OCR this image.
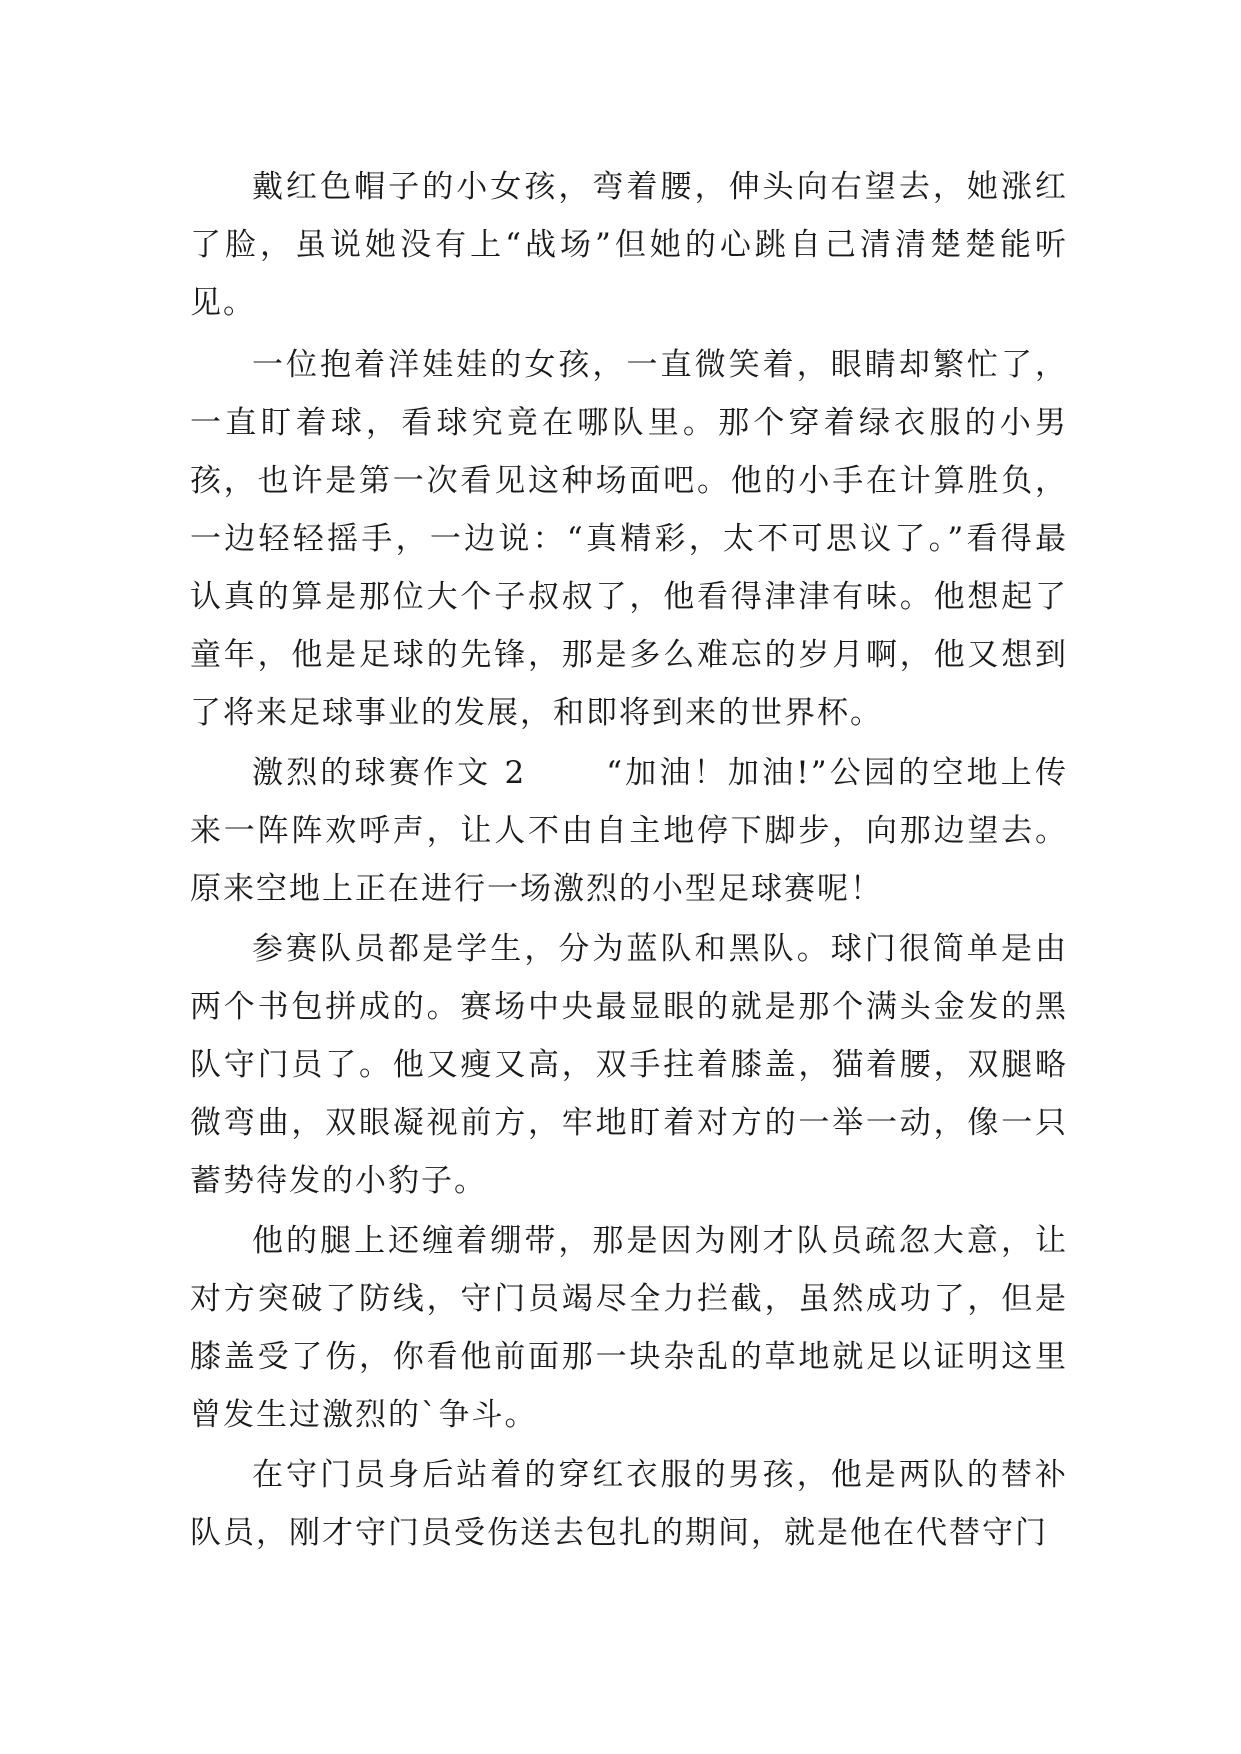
戴红色帽子的小女孩，弯着腰，伸头向右望去，她涨红了脸，虽说她没有上“战场”但她的心跳自己清清楚楚能听见。

一位抱着洋娃娃的女孩，一直微笑着，眼睛却繁忙了，一直盯着球，看球究竟在哪队里。那个穿着绿衣服的小男孩，也许是第一次看见这种场面吧。他的小手在计算胜负，一边轻轻摇手，一边说：“真精彩，太不可思议了。”看得最认真的算是那位大个子叔叔了，他看得津津有味。他想起了童年，他是足球的先锋，那是多么难忘的岁月啊，他又想到了将来足球事业的发展，和即将到来的世界杯。

激烈的球赛作文 2	“加油！加油!”公园的空地上传来一阵阵欢呼声，让人不由自主地停下脚步，向那边望去。原来空地上正在进行一场激烈的小型足球赛呢！

参赛队员都是学生，分为蓝队和黑队。球门很简单是由两个书包拼成的。赛场中央最显眼的就是那个满头金发的黑队守门员了。他又瘦又高，双手拄着膝盖，猫着腰，双腿略微弯曲，双眼凝视前方，牢地盯着对方的一举一动，像一只蓄势待发的小豹子。

他的腿上还缠着绷带，那是因为刚才队员疏忽大意，让对方突破了防线，守门员竭尽全力拦截，虽然成功了，但是膝盖受了伤，你看他前面那一块杂乱的草地就足以证明这里曾发生过激烈的`争斗。

在守门员身后站着的穿红衣服的男孩，他是两队的替补队员，刚才守门员受伤送去包扎的期间，就是他在代替守门
